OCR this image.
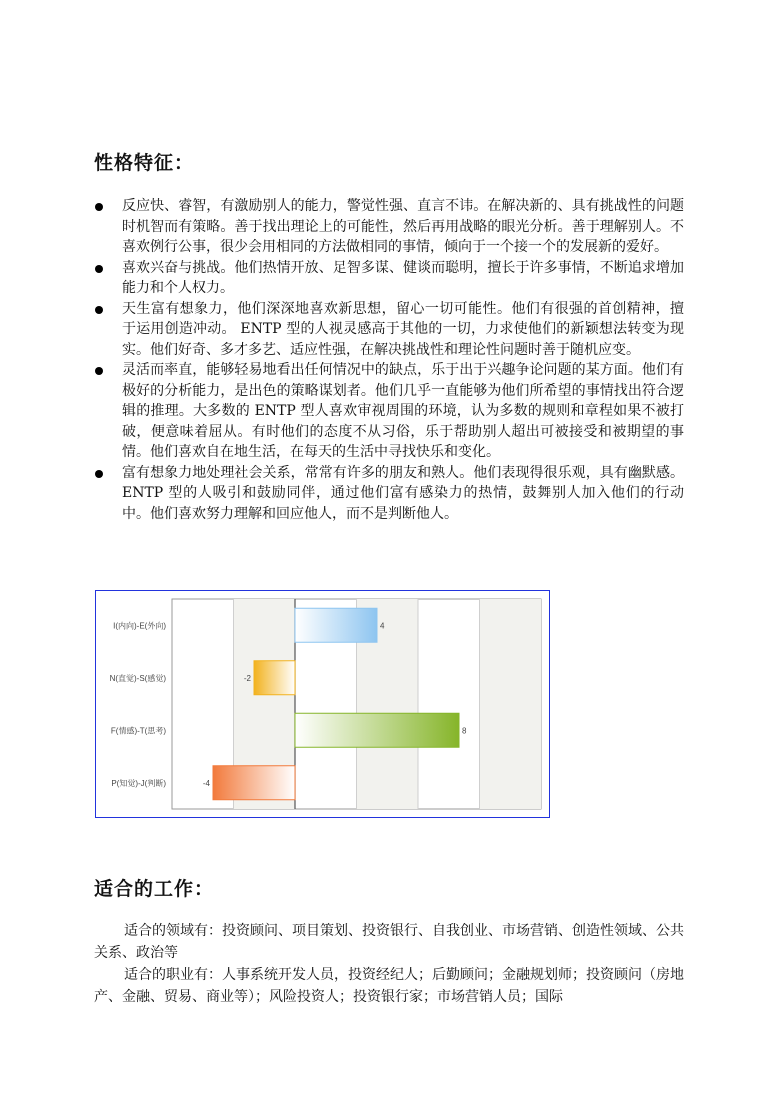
性格特征：
反应快、睿智，有激励别人的能力，警觉性强、直言不讳。在解决新的、具有挑战性的问题时机智而有策略。善于找出理论上的可能性，然后再用战略的眼光分析。善于理解别人。不喜欢例行公事，很少会用相同的方法做相同的事情，倾向于一个接一个的发展新的爱好。
喜欢兴奋与挑战。他们热情开放、足智多谋、健谈而聪明，擅长于许多事情，不断追求增加能力和个人权力。
天生富有想象力，他们深深地喜欢新思想，留心一切可能性。他们有很强的首创精神，擅 于运用创造冲动。 ENTP 型的人视灵感高于其他的一切，力求使他们的新颖想法转变为现实。他们好奇、多才多艺、适应性强，在解决挑战性和理论性问题时善于随机应变。
灵活而率直，能够轻易地看出任何情况中的缺点，乐于出于兴趣争论问题的某方面。他们有极好的分析能力，是出色的策略谋划者。他们几乎一直能够为他们所希望的事情找出符合逻辑的推理。大多数的 ENTP 型人喜欢审视周围的环境，认为多数的规则和章程如果不被打破，便意味着屈从。有时他们的态度不从习俗，乐于帮助别人超出可被接受和被期望的事情。他们喜欢自在地生活，在每天的生活中寻找快乐和变化。
富有想象力地处理社会关系，常常有许多的朋友和熟人。他们表现得很乐观，具有幽默感。ENTP 型的人吸引和鼓励同伴，通过他们富有感染力的热情，鼓舞别人加入他们的行动中。他们喜欢努力理解和回应他人，而不是判断他人。
I(内向)-E(外向)
N(直觉)-S(感觉)
F(情感)-T(思考)
P(知觉)-J(判断)
4
-2
8
-4
适合的工作：

适合的领域有：投资顾问、项目策划、投资银行、自我创业、市场营销、创造性领域、公共关系、政治等

适合的职业有：人事系统开发人员，投资经纪人；后勤顾问；金融规划师；投资顾问（房地产、金融、贸易、商业等）；风险投资人；投资银行家；市场营销人员；国际
